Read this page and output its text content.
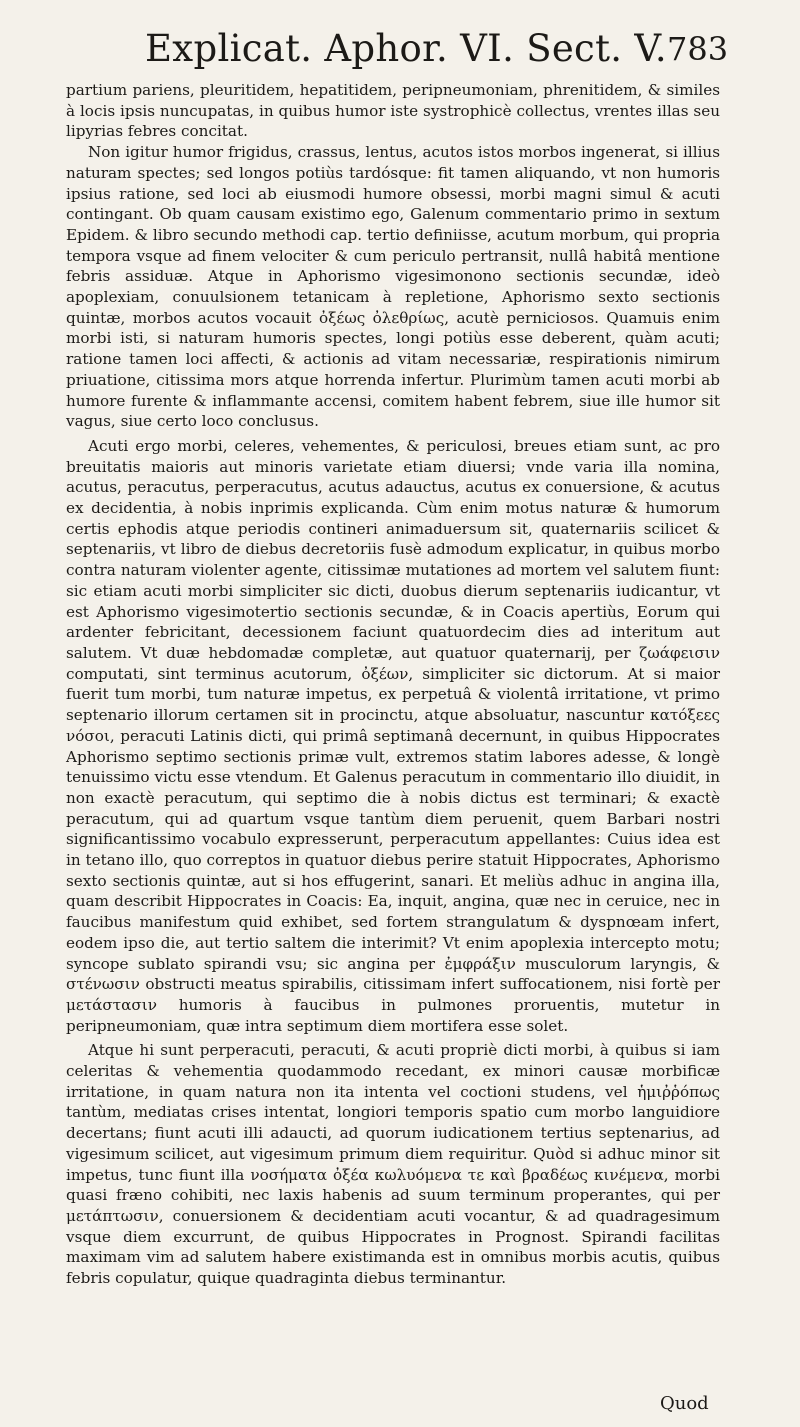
Explicat. Aphor. VI. Sect. V. 783

partium pariens, pleuritidem, hepatitidem, peripneumoniam, phrenitidem, & similes à locis ipsis nuncupatas, in quibus humor iste systrophicè collectus, vrentes illas seu lipyrias febres concitat.

Non igitur humor frigidus, crassus, lentus, acutos istos morbos ingenerat, si illius naturam spectes; sed longos potiùs tardósque: fit tamen aliquando, vt non humoris ipsius ratione, sed loci ab eiusmodi humore obsessi, morbi magni simul & acuti contingant. Ob quam causam existimo ego, Galenum commentario primo in sextum Epidem. & libro secundo methodi cap. tertio definiisse, acutum morbum, qui propria tempora vsque ad finem velociter & cum periculo pertransit, nullâ habitâ mentione febris assiduæ. Atque in Aphorismo vigesimonono sectionis secundæ, ideò apoplexiam, conuulsionem tetanicam à repletione, Aphorismo sexto sectionis quintæ, morbos acutos vocauit ὀξέως ὀλεθρίως, acutè perniciosos. Quamuis enim morbi isti, si naturam humoris spectes, longi potiùs esse deberent, quàm acuti; ratione tamen loci affecti, & actionis ad vitam necessariæ, respirationis nimirum priuatione, citissima mors atque horrenda infertur. Plurimùm tamen acuti morbi ab humore furente & inflammante accensi, comitem habent febrem, siue ille humor sit vagus, siue certo loco conclusus.

Acuti ergo morbi, celeres, vehementes, & periculosi, breues etiam sunt, ac pro breuitatis maioris aut minoris varietate etiam diuersi; vnde varia illa nomina, acutus, peracutus, perperacutus, acutus adauctus, acutus ex conuersione, & acutus ex decidentia, à nobis inprimis explicanda. Cùm enim motus naturæ & humorum certis ephodis atque periodis contineri animaduersum sit, quaternariis scilicet & septenariis, vt libro de diebus decretoriis fusè admodum explicatur, in quibus morbo contra naturam violenter agente, citissimæ mutationes ad mortem vel salutem fiunt: sic etiam acuti morbi simpliciter sic dicti, duobus dierum septenariis iudicantur, vt est Aphorismo vigesimotertio sectionis secundæ, & in Coacis apertiùs, Eorum qui ardenter febricitant, decessionem faciunt quatuordecim dies ad interitum aut salutem. Vt duæ hebdomadæ completæ, aut quatuor quaternarij, per ζωάφεισιν computati, sint terminus acutorum, ὀξέων, simpliciter sic dictorum. At si maior fuerit tum morbi, tum naturæ impetus, ex perpetuâ & violentâ irritatione, vt primo septenario illorum certamen sit in procinctu, atque absoluatur, nascuntur κατόξεες νόσοι, peracuti Latinis dicti, qui primâ septimanâ decernunt, in quibus Hippocrates Aphorismo septimo sectionis primæ vult, extremos statim labores adesse, & longè tenuissimo victu esse vtendum. Et Galenus peracutum in commentario illo diuidit, in non exactè peracutum, qui septimo die à nobis dictus est terminari; & exactè peracutum, qui ad quartum vsque tantùm diem peruenit, quem Barbari nostri significantissimo vocabulo expresserunt, perperacutum appellantes: Cuius idea est in tetano illo, quo correptos in quatuor diebus perire statuit Hippocrates, Aphorismo sexto sectionis quintæ, aut si hos effugerint, sanari. Et meliùs adhuc in angina illa, quam describit Hippocrates in Coacis: Ea, inquit, angina, quæ nec in ceruice, nec in faucibus manifestum quid exhibet, sed fortem strangulatum & dyspnœam infert, eodem ipso die, aut tertio saltem die interimit? Vt enim apoplexia intercepto motu; syncope sublato spirandi vsu; sic angina per ἐμφράξιν musculorum laryngis, & στένωσιν obstructi meatus spirabilis, citissimam infert suffocationem, nisi fortè per μετάστασιν humoris à faucibus in pulmones proruentis, mutetur in peripneumoniam, quæ intra septimum diem mortifera esse solet.

Atque hi sunt perperacuti, peracuti, & acuti propriè dicti morbi, à quibus si iam celeritas & vehementia quodammodo recedant, ex minori causæ morbificæ irritatione, in quam natura non ita intenta vel coctioni studens, vel ἡμιῤῥόπως tantùm, mediatas crises intentat, longiori temporis spatio cum morbo languidiore decertans; fiunt acuti illi adaucti, ad quorum iudicationem tertius septenarius, ad vigesimum scilicet, aut vigesimum primum diem requiritur. Quòd si adhuc minor sit impetus, tunc fiunt illa νοσήματα ὀξέα κωλυόμενα τε καὶ βραδέως κινέμενα, morbi quasi fræno cohibiti, nec laxis habenis ad suum terminum properantes, qui per μετάπτωσιν, conuersionem & decidentiam acuti vocantur, & ad quadragesimum vsque diem excurrunt, de quibus Hippocrates in Prognost. Spirandi facilitas maximam vim ad salutem habere existimanda est in omnibus morbis acutis, quibus febris copulatur, quique quadraginta diebus terminantur.

Quod
